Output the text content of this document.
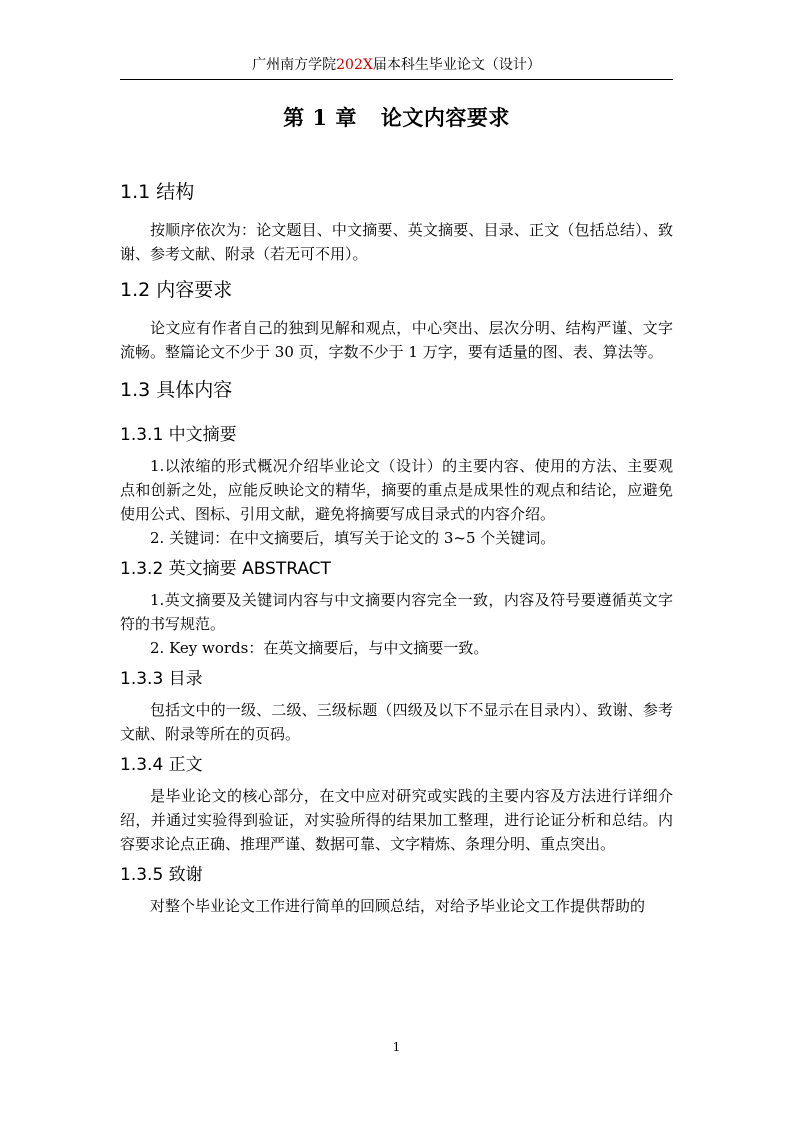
广州南方学院202X届本科生毕业论文（设计）
第 1 章 论文内容要求
1.1 结构

按顺序依次为：论文题目、中文摘要、英文摘要、目录、正文（包括总结）、致谢、参考文献、附录（若无可不用）。

1.2 内容要求

论文应有作者自己的独到见解和观点，中心突出、层次分明、结构严谨、文字流畅。整篇论文不少于 30 页，字数不少于 1 万字，要有适量的图、表、算法等。

1.3 具体内容
1.3.1 中文摘要

1.以浓缩的形式概况介绍毕业论文（设计）的主要内容、使用的方法、主要观点和创新之处，应能反映论文的精华，摘要的重点是成果性的观点和结论，应避免使用公式、图标、引用文献，避免将摘要写成目录式的内容介绍。

2. 关键词：在中文摘要后，填写关于论文的 3~5 个关键词。

1.3.2 英文摘要 ABSTRACT

1.英文摘要及关键词内容与中文摘要内容完全一致，内容及符号要遵循英文字符的书写规范。

2. Key words：在英文摘要后，与中文摘要一致。

1.3.3 目录

包括文中的一级、二级、三级标题（四级及以下不显示在目录内）、致谢、参考文献、附录等所在的页码。

1.3.4 正文

是毕业论文的核心部分，在文中应对研究或实践的主要内容及方法进行详细介绍，并通过实验得到验证，对实验所得的结果加工整理，进行论证分析和总结。内容要求论点正确、推理严谨、数据可靠、文字精炼、条理分明、重点突出。

1.3.5 致谢

对整个毕业论文工作进行简单的回顾总结，对给予毕业论文工作提供帮助的

1
